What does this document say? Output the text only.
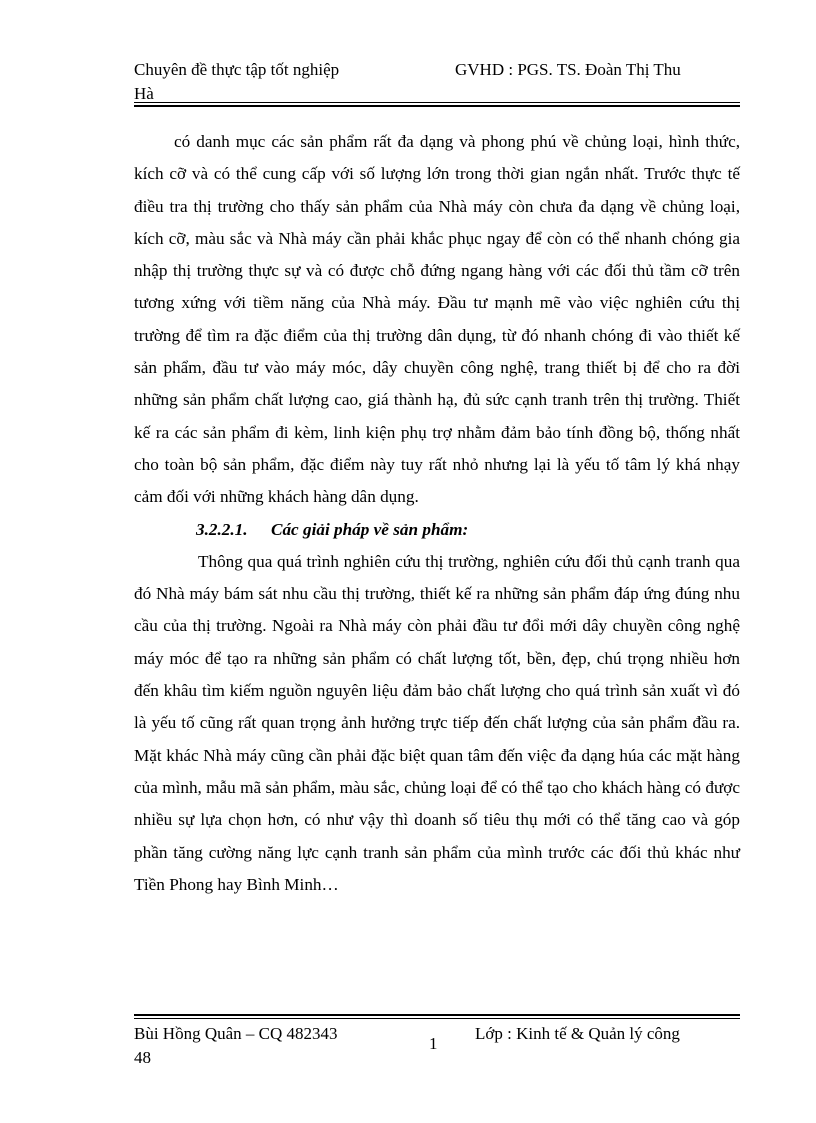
Chuyên đề thực tập tốt nghiệp	GVHD : PGS. TS. Đoàn Thị Thu
Hà

có danh mục các sản phẩm rất đa dạng và phong phú về chủng loại, hình thức, kích cỡ và có thể cung cấp với số lượng lớn trong thời gian ngắn nhất. Trước thực tế điều tra thị trường cho thấy sản phẩm của Nhà máy còn chưa đa dạng về chủng loại, kích cỡ, màu sắc và Nhà máy cần phải khắc phục ngay để còn có thể nhanh chóng gia nhập thị trường thực sự và có được chỗ đứng ngang hàng với các đối thủ tầm cỡ trên tương xứng với tiềm năng của Nhà máy. Đầu tư mạnh mẽ vào việc nghiên cứu thị trường để tìm ra đặc điểm của thị trường dân dụng, từ đó nhanh chóng đi vào thiết kế sản phẩm, đầu tư vào máy móc, dây chuyền công nghệ, trang thiết bị để cho ra đời những sản phẩm chất lượng cao, giá thành hạ, đủ sức cạnh tranh trên thị trường. Thiết kế ra các sản phẩm đi kèm, linh kiện phụ trợ nhằm đảm bảo tính đồng bộ, thống nhất cho toàn bộ sản phẩm, đặc điểm này tuy rất nhỏ nhưng lại là yếu tố tâm lý khá nhạy cảm đối với những khách hàng dân dụng.

3.2.2.1. Các giải pháp về sản phẩm:

Thông qua quá trình nghiên cứu thị trường, nghiên cứu đối thủ cạnh tranh qua đó Nhà máy bám sát nhu cầu thị trường, thiết kế ra những sản phẩm đáp ứng đúng nhu cầu của thị trường. Ngoài ra Nhà máy còn phải đầu tư đổi mới dây chuyền công nghệ máy móc để tạo ra những sản phẩm có chất lượng tốt, bền, đẹp, chú trọng nhiều hơn đến khâu tìm kiếm nguồn nguyên liệu đảm bảo chất lượng cho quá trình sản xuất vì đó là yếu tố cũng rất quan trọng ảnh hưởng trực tiếp đến chất lượng của sản phẩm đầu ra. Mặt khác Nhà máy cũng cần phải đặc biệt quan tâm đến việc đa dạng húa các mặt hàng của mình, mẫu mã sản phẩm, màu sắc, chủng loại để có thể tạo cho khách hàng có được nhiều sự lựa chọn hơn, có như vậy thì doanh số tiêu thụ mới có thể tăng cao và góp phần tăng cường năng lực cạnh tranh sản phẩm của mình trước các đối thủ khác như Tiền Phong hay Bình Minh…

Bùi Hồng Quân – CQ 482343
48
1
Lớp : Kinh tế & Quản lý công
